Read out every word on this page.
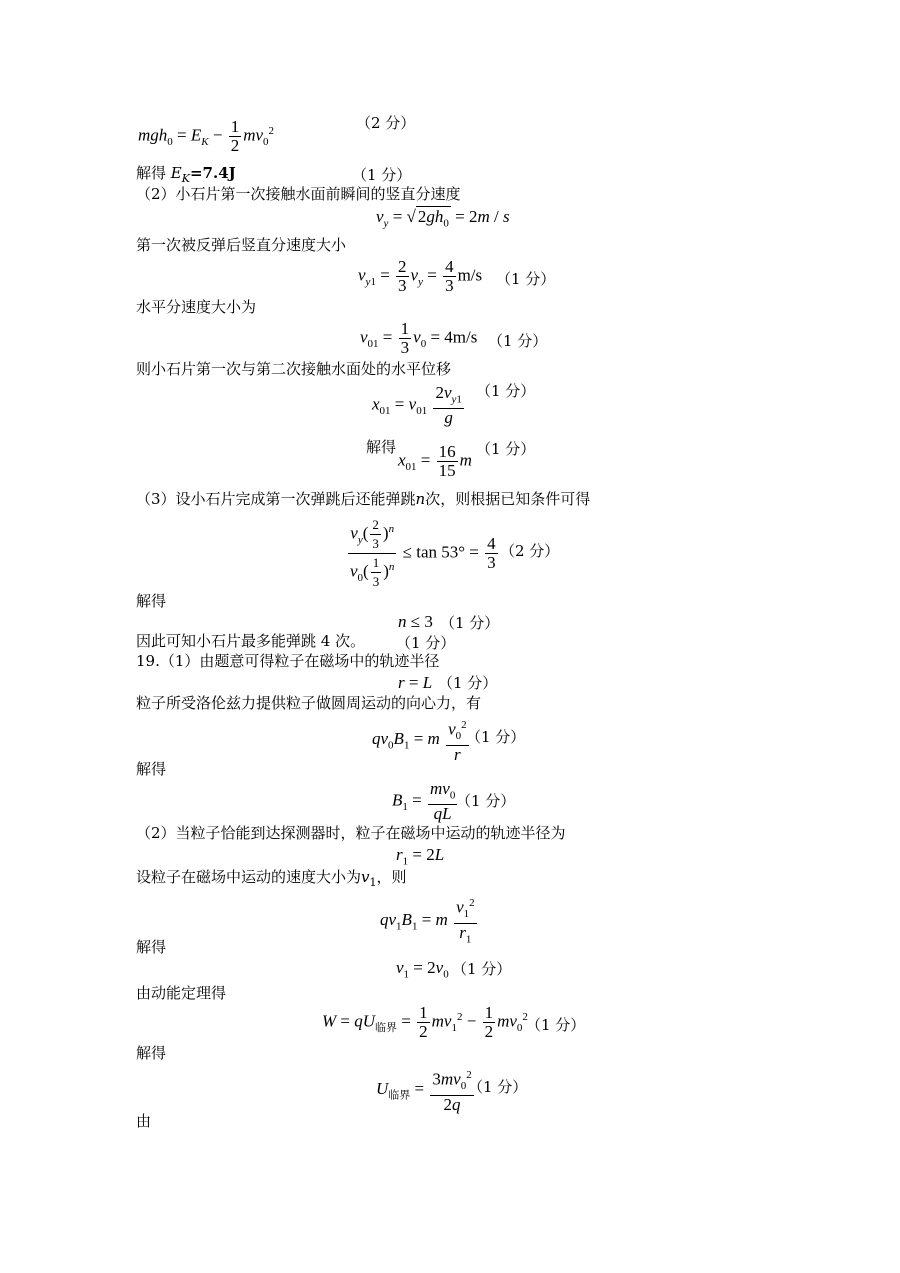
$mgh_0 = E_K - \frac{1}{2} mv_0^2$	（2 分）
解得 $E_K=7.4J$	（1 分）
（2）小石片第一次接触水面前瞬间的竖直分速度
$v_y$ = √ $2gh_0 = 2m / s$
第一次被反弹后竖直分速度大小
$v_{y1} = \frac{2}{3} v_y = \frac{4}{3} m/s$ （1 分）
水平分速度大小为
$v_{01} = \frac{1}{3} v_0 = 4m/s$ （1 分）
则小石片第一次与第二次接触水面处的水平位移
$x_{01} = v_{01} \frac{2v_{y1}}{g} (1$ 分）
解得	（1 分）
$x_{01} = \frac{16}{15}$ m
（3）设小石片完成第一次弹跳后还能弹跳n次，则根据已知条件可得
$\frac{v_y( \frac{2}{3} )^n}{v_0( \frac{1}{3} )^n} \le \tan 53^\circ = \frac{4}{3} (2$ 分）
解得
n ≤ 3 （1 分）
因此可知小石片最多能弹跳 4 次。 （1 分）
19.（1）由题意可得粒子在磁场中的轨迹半径
r = L （1 分）
粒子所受洛伦兹力提供粒子做圆周运动的向心力，有
$qv_0B_1 = m \frac{v_0^2}{r}$
（1 分）
解得
$B_1 = \frac{mv_0}{qL}$
（1 分）
（2）当粒子恰能到达探测器时，粒子在磁场中运动的轨迹半径为
$r_1 = 2L$
设粒子在磁场中运动的速度大小为$v_1$，则
$qv_1B_1 = m \frac{v_1^2}{r_1}$
解得
$v_1 = 2v_0$ （1 分）
由动能定理得
$W = qU_{临界} = \frac{1}{2} mv_1^2 - \frac{1}{2} mv_0^2$
（1 分）
解得
$U_{临界} = \frac{3mv_0^2}{2q}$
（1 分）
由
